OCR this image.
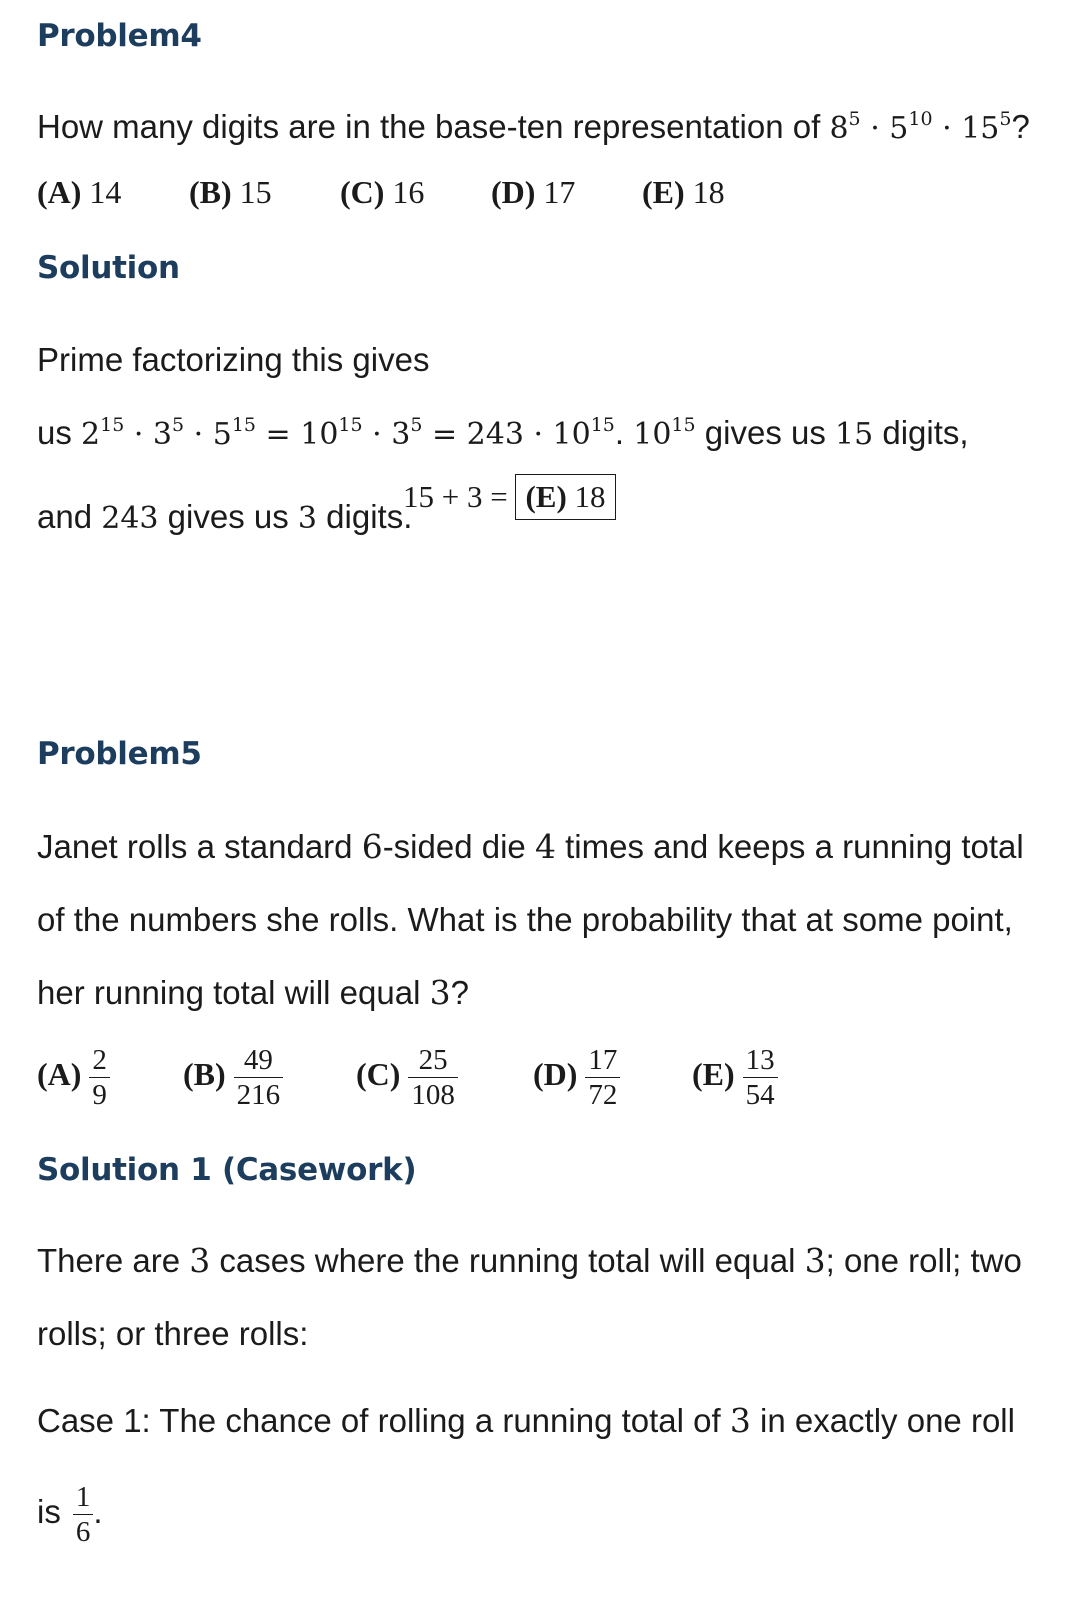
Problem4
How many digits are in the base-ten representation of $8^5 \cdot 5^{10} \cdot 15^5$?
(A) 14 (B) 15 (C) 16 (D) 17 (E) 18
Solution
Prime factorizing this gives
us $2^{15} \cdot 3^5 \cdot 5^{15} = 10^{15} \cdot 3^5 = 243 \cdot 10^{15}$. $10^{15}$ gives us 15 digits,
and 243 gives us 3 digits.
15 + 3 = (E) 18
Problem5
Janet rolls a standard 6-sided die 4 times and keeps a running total
of the numbers she rolls. What is the probability that at some point,
her running total will equal 3?
$(A) \frac{2}{9} (B) \frac{49}{216} (C) \frac{25}{108} (D) \frac{17}{72} (E) \frac{13}{54}$
Solution 1 (Casework)
There are 3 cases where the running total will equal 3; one roll; two
rolls; or three rolls:
Case 1: The chance of rolling a running total of 3 in exactly one roll
is $\frac{1}{6}$ .
